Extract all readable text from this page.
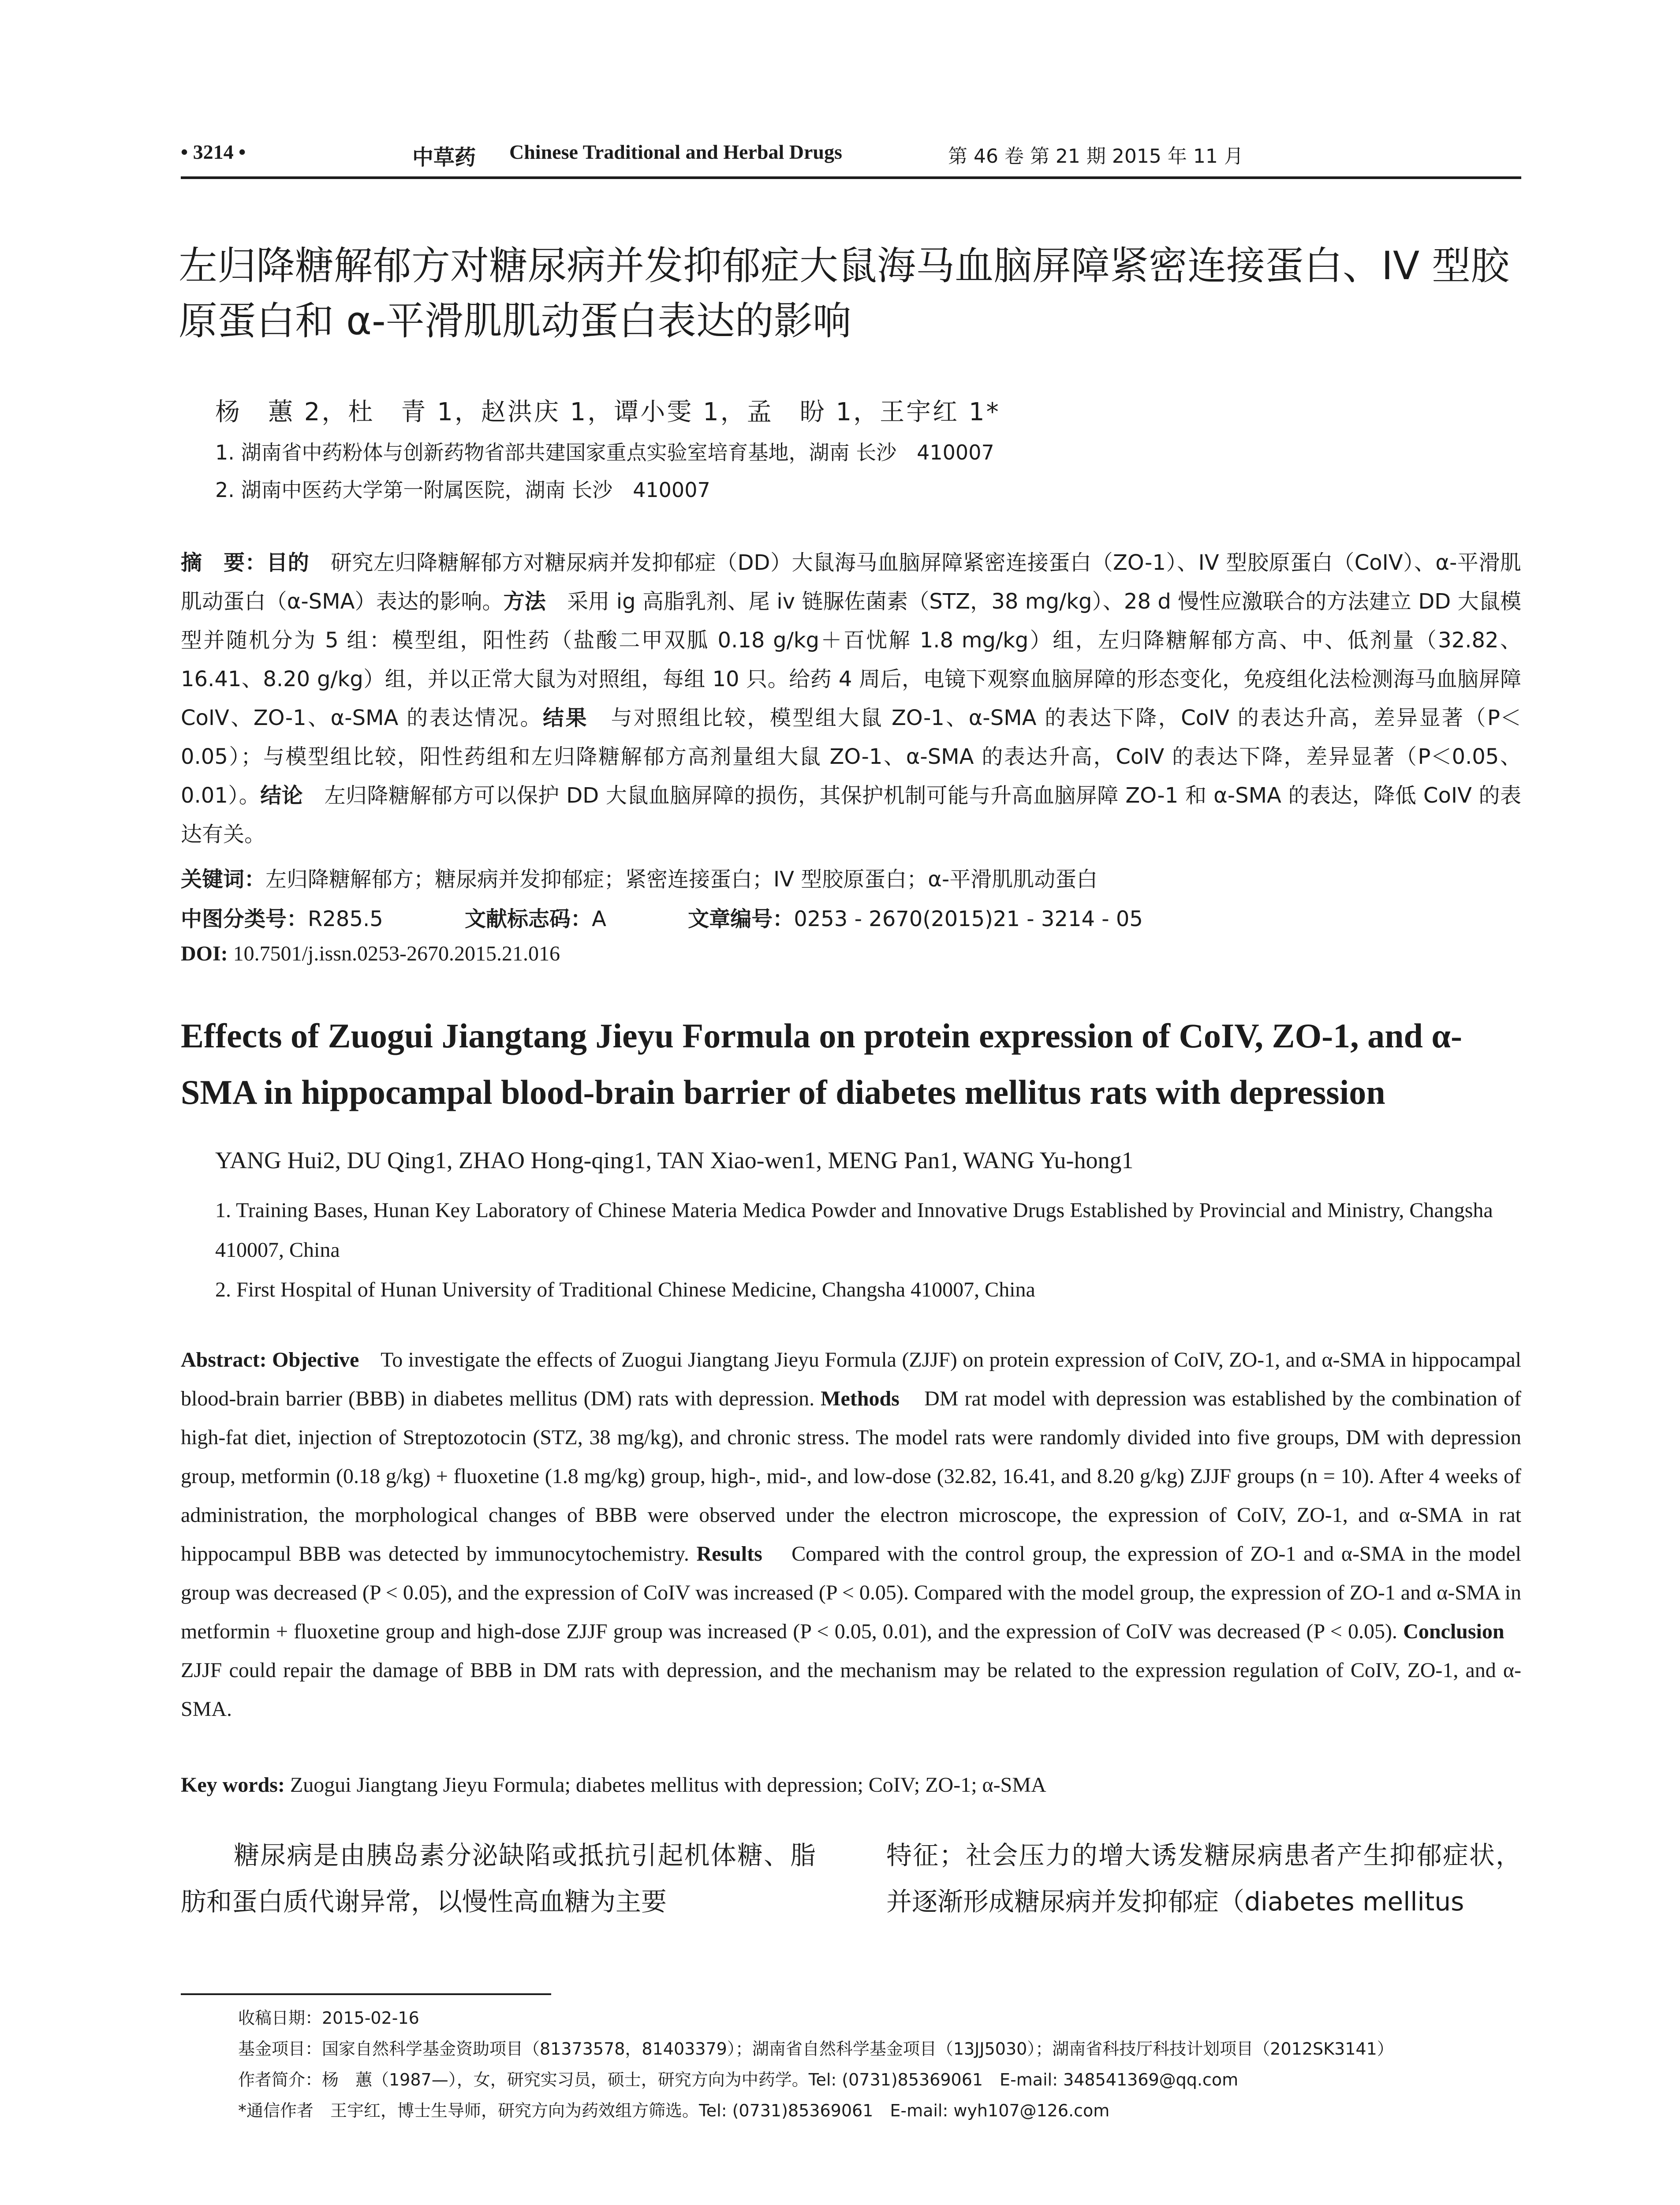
• 3214 •	中草药 Chinese Traditional and Herbal Drugs	第 46 卷 第 21 期 2015 年 11 月
左归降糖解郁方对糖尿病并发抑郁症大鼠海马血脑屏障紧密连接蛋白、IV 型胶原蛋白和 α-平滑肌肌动蛋白表达的影响
杨　蕙 2，杜　青 1，赵洪庆 1，谭小雯 1，孟　盼 1，王宇红 1*
1. 湖南省中药粉体与创新药物省部共建国家重点实验室培育基地，湖南 长沙　410007
2. 湖南中医药大学第一附属医院，湖南 长沙　410007

摘　要：目的　 研究左归降糖解郁方对糖尿病并发抑郁症（DD）大鼠海马血脑屏障紧密连接蛋白（ZO-1）、IV 型胶原蛋白（CoIV）、α-平滑肌肌动蛋白（α-SMA）表达的影响。方法　 采用 ig 高脂乳剂、尾 iv 链脲佐菌素（STZ，38 mg/kg）、28 d 慢性应激联合的方法建立 DD 大鼠模型并随机分为 5 组：模型组，阳性药（盐酸二甲双胍 0.18 g/kg＋百忧解 1.8 mg/kg）组，左归降糖解郁方高、中、低剂量（32.82、16.41、8.20 g/kg）组，并以正常大鼠为对照组，每组 10 只。给药 4 周后，电镜下观察血脑屏障的形态变化，免疫组化法检测海马血脑屏障 CoIV、ZO-1、α-SMA 的表达情况。结果　 与对照组比较，模型组大鼠 ZO-1、α-SMA 的表达下降，CoIV 的表达升高，差异显著（P＜0.05）；与模型组比较，阳性药组和左归降糖解郁方高剂量组大鼠 ZO-1、α-SMA 的表达升高，CoIV 的表达下降，差异显著（P＜0.05、0.01）。结论　 左归降糖解郁方可以保护 DD 大鼠血脑屏障的损伤，其保护机制可能与升高血脑屏障 ZO-1 和 α-SMA 的表达，降低 CoIV 的表达有关。

关键词：左归降糖解郁方；糖尿病并发抑郁症；紧密连接蛋白；IV 型胶原蛋白；α-平滑肌肌动蛋白
中图分类号：R285.5	文献标志码：A	文章编号：0253 - 2670(2015)21 - 3214 - 05
DOI: 10.7501/j.issn.0253-2670.2015.21.016
Effects of Zuogui Jiangtang Jieyu Formula on protein expression of CoIV, ZO-1, and α-SMA in hippocampal blood-brain barrier of diabetes mellitus rats with depression
YANG Hui2, DU Qing1, ZHAO Hong-qing1, TAN Xiao-wen1, MENG Pan1, WANG Yu-hong1
1. Training Bases, Hunan Key Laboratory of Chinese Materia Medica Powder and Innovative Drugs Established by Provincial and Ministry, Changsha 410007, China
2. First Hospital of Hunan University of Traditional Chinese Medicine, Changsha 410007, China

Abstract: Objective To investigate the effects of Zuogui Jiangtang Jieyu Formula (ZJJF) on protein expression of CoIV, ZO-1, and α-SMA in hippocampal blood-brain barrier (BBB) in diabetes mellitus (DM) rats with depression. Methods DM rat model with depression was established by the combination of high-fat diet, injection of Streptozotocin (STZ, 38 mg/kg), and chronic stress. The model rats were randomly divided into five groups, DM with depression group, metformin (0.18 g/kg) + fluoxetine (1.8 mg/kg) group, high-, mid-, and low-dose (32.82, 16.41, and 8.20 g/kg) ZJJF groups (n = 10). After 4 weeks of administration, the morphological changes of BBB were observed under the electron microscope, the expression of CoIV, ZO-1, and α-SMA in rat hippocampul BBB was detected by immunocytochemistry. Results Compared with the control group, the expression of ZO-1 and α-SMA in the model group was decreased (P < 0.05), and the expression of CoIV was increased (P < 0.05). Compared with the model group, the expression of ZO-1 and α-SMA in metformin + fluoxetine group and high-dose ZJJF group was increased (P < 0.05, 0.01), and the expression of CoIV was decreased (P < 0.05). Conclusion    ZJJF could repair the damage of BBB in DM rats with depression, and the mechanism may be related to the expression regulation of CoIV, ZO-1, and α-SMA.

Key words: Zuogui Jiangtang Jieyu Formula; diabetes mellitus with depression; CoIV; ZO-1; α-SMA
　　糖尿病是由胰岛素分泌缺陷或抵抗引起机体糖、脂肪和蛋白质代谢异常，以慢性高血糖为主要
特征；社会压力的增大诱发糖尿病患者产生抑郁症状，并逐渐形成糖尿病并发抑郁症（diabetes mellitus
收稿日期：2015-02-16
基金项目：国家自然科学基金资助项目（81373578，81403379）；湖南省自然科学基金项目（13JJ5030）；湖南省科技厅科技计划项目（2012SK3141）
作者简介：杨　蕙（1987—），女，研究实习员，硕士，研究方向为中药学。Tel: (0731)85369061　E-mail: 348541369@qq.com
*通信作者　王宇红，博士生导师，研究方向为药效组方筛选。Tel: (0731)85369061　E-mail: wyh107@126.com
